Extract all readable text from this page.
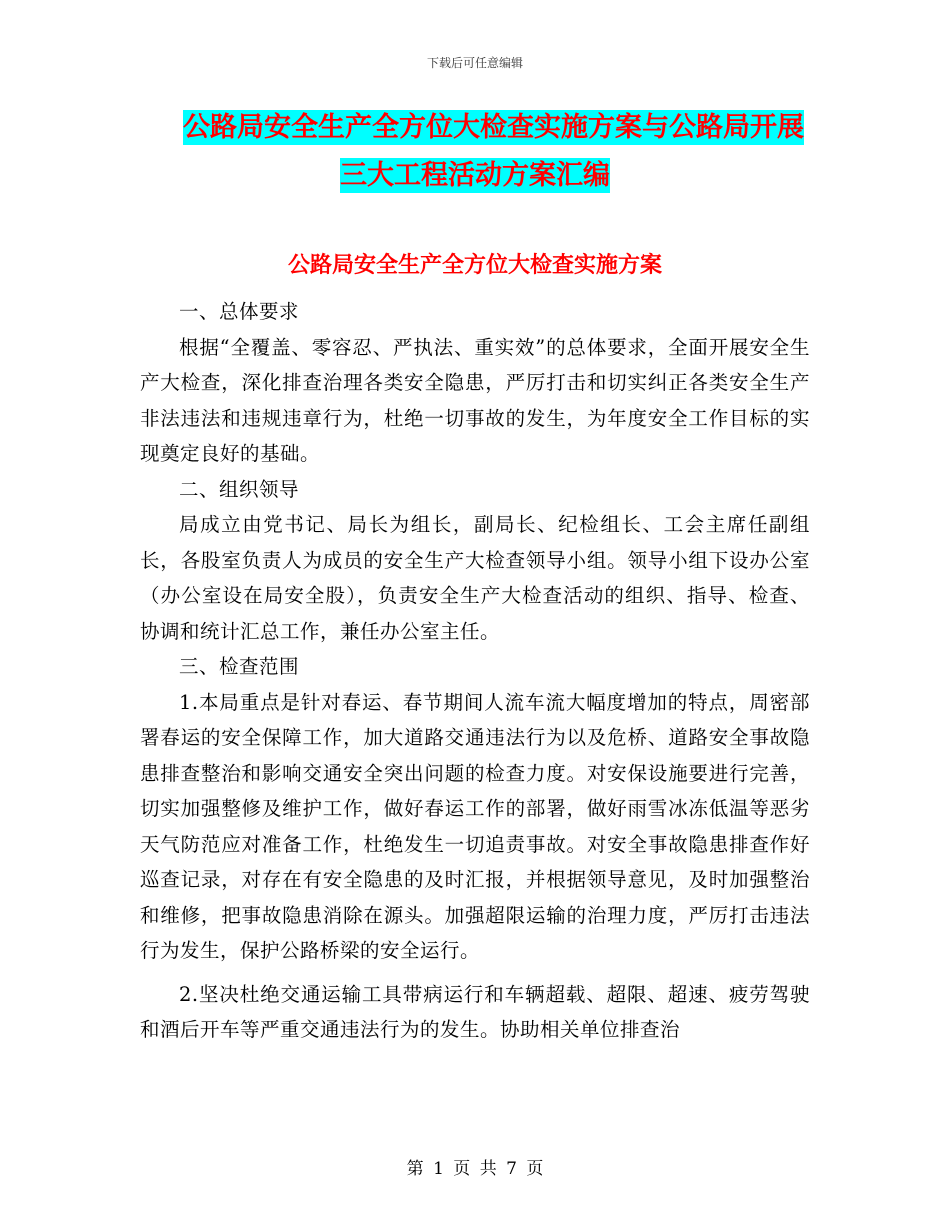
下载后可任意编辑
公路局安全生产全方位大检查实施方案与公路局开展
三大工程活动方案汇编
公路局安全生产全方位大检查实施方案

一、总体要求

根据“全覆盖、零容忍、严执法、重实效”的总体要求，全面开展安全生产大检查，深化排查治理各类安全隐患，严厉打击和切实纠正各类安全生产非法违法和违规违章行为，杜绝一切事故的发生，为年度安全工作目标的实现奠定良好的基础。

二、组织领导

局成立由党书记、局长为组长，副局长、纪检组长、工会主席任副组长，各股室负责人为成员的安全生产大检查领导小组。领导小组下设办公室（办公室设在局安全股），负责安全生产大检查活动的组织、指导、检查、协调和统计汇总工作，兼任办公室主任。

三、检查范围

1.本局重点是针对春运、春节期间人流车流大幅度增加的特点，周密部署春运的安全保障工作，加大道路交通违法行为以及危桥、道路安全事故隐患排查整治和影响交通安全突出问题的检查力度。对安保设施要进行完善，切实加强整修及维护工作，做好春运工作的部署，做好雨雪冰冻低温等恶劣天气防范应对准备工作，杜绝发生一切追责事故。对安全事故隐患排查作好巡查记录，对存在有安全隐患的及时汇报，并根据领导意见，及时加强整治和维修，把事故隐患消除在源头。加强超限运输的治理力度，严厉打击违法行为发生，保护公路桥梁的安全运行。

2.坚决杜绝交通运输工具带病运行和车辆超载、超限、超速、疲劳驾驶和酒后开车等严重交通违法行为的发生。协助相关单位排查治

第 1 页 共 7 页
